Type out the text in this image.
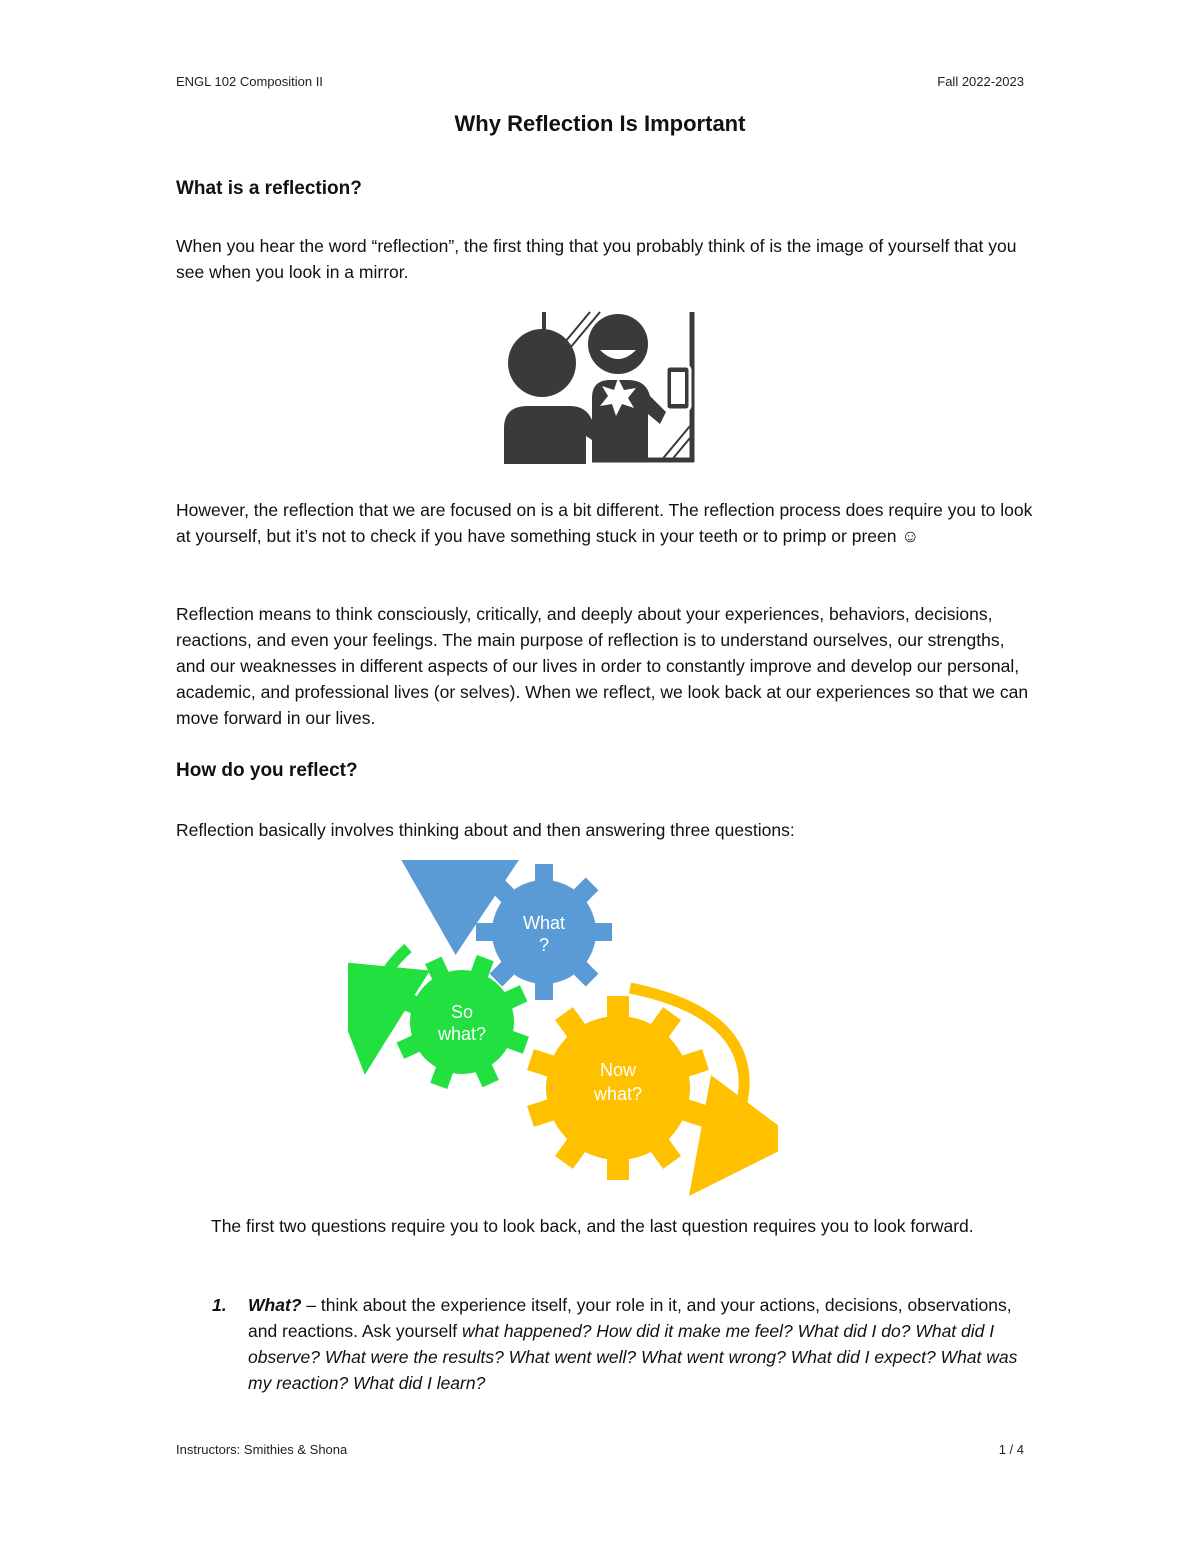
ENGL 102 Composition II	Fall 2022-2023
Why Reflection Is Important
What is a reflection?

When you hear the word “reflection”, the first thing that you probably think of is the image of yourself that you see when you look in a mirror.

However, the reflection that we are focused on is a bit different. The reflection process does require you to look at yourself, but it’s not to check if you have something stuck in your teeth or to primp or preen ☺

Reflection means to think consciously, critically, and deeply about your experiences, behaviors, decisions, reactions, and even your feelings. The main purpose of reflection is to understand ourselves, our strengths, and our weaknesses in different aspects of our lives in order to constantly improve and develop our personal, academic, and professional lives (or selves). When we reflect, we look back at our experiences so that we can move forward in our lives.

How do you reflect?

Reflection basically involves thinking about and then answering three questions:

What
?
So
what?
Now
what?

The first two questions require you to look back, and the last question requires you to look forward.

1. What? – think about the experience itself, your role in it, and your actions, decisions, observations, and reactions. Ask yourself what happened? How did it make me feel? What did I do? What did I observe? What were the results? What went well? What went wrong? What did I expect? What was my reaction? What did I learn?
Instructors: Smithies & Shona	1 / 4
